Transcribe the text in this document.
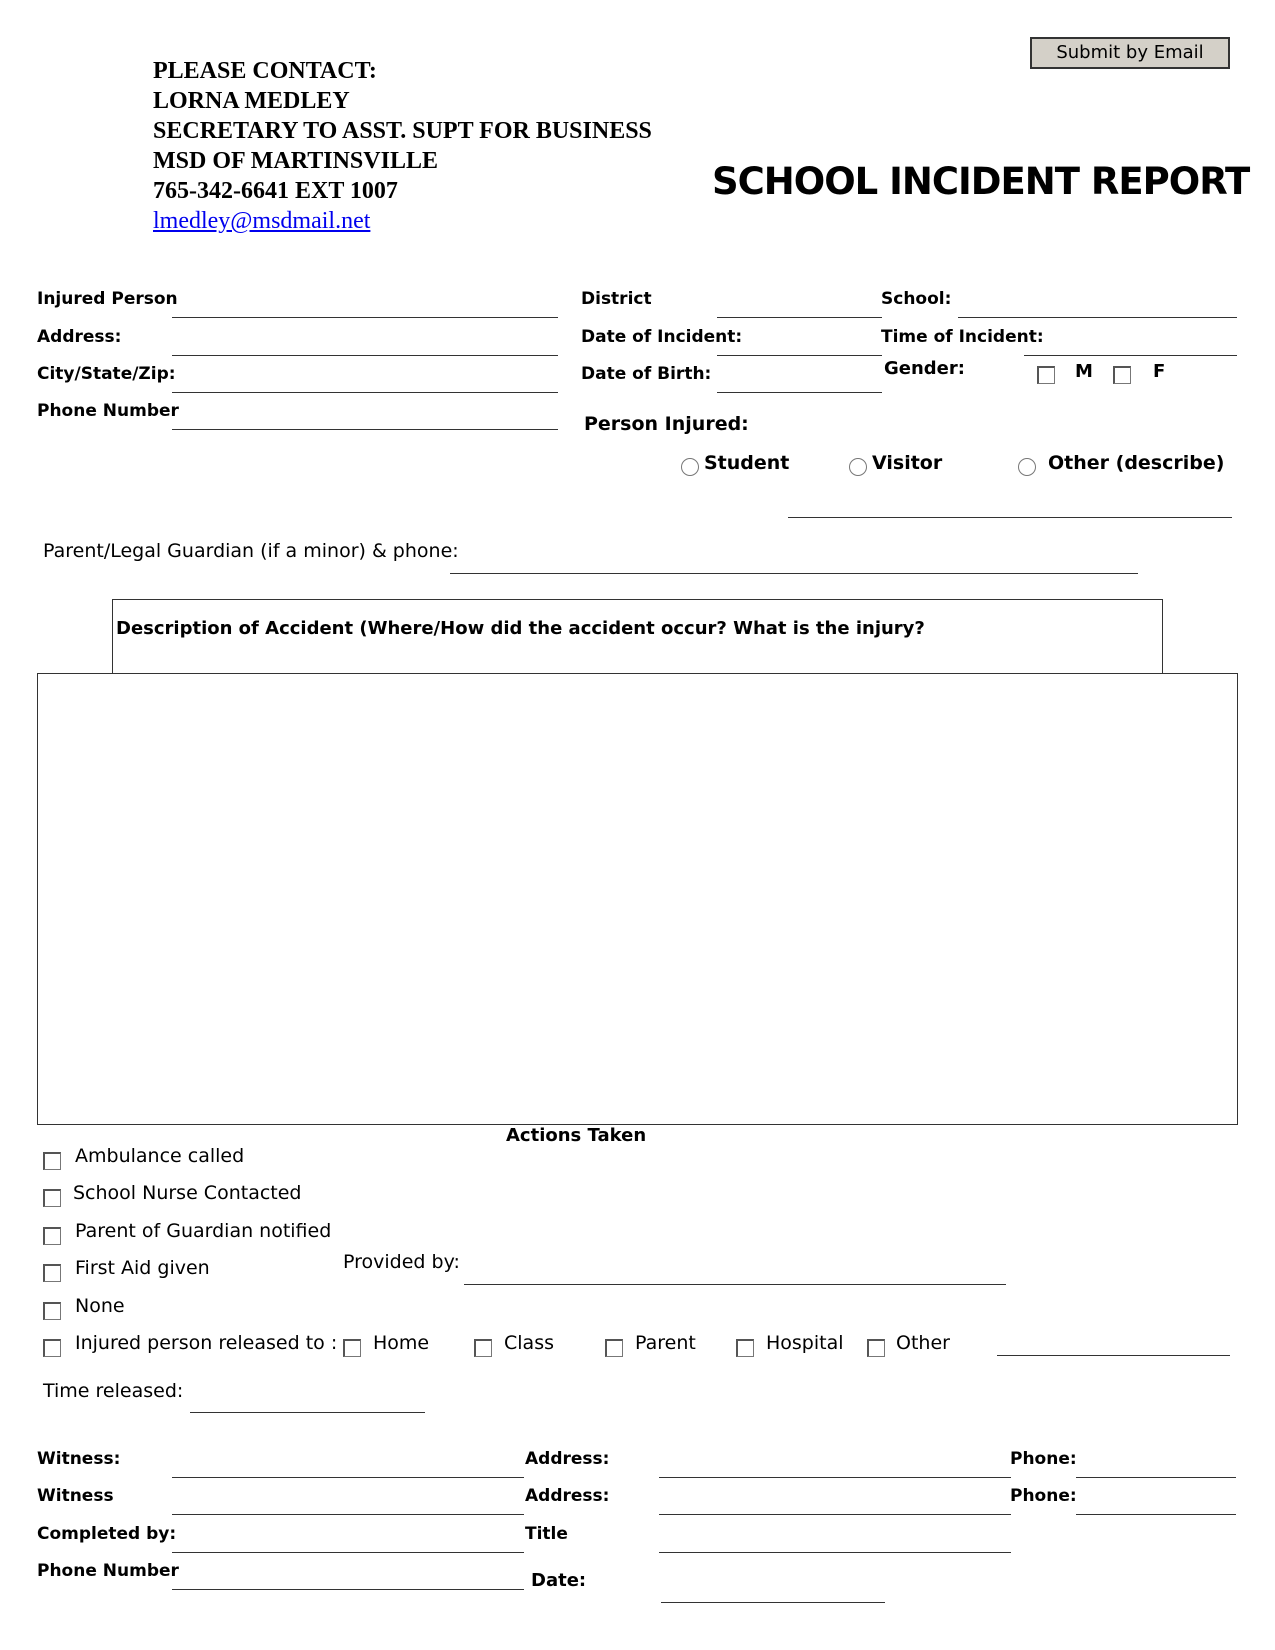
PLEASE CONTACT:
LORNA MEDLEY
SECRETARY TO ASST. SUPT FOR BUSINESS
MSD OF MARTINSVILLE
765-342-6641 EXT 1007
lmedley@msdmail.net
Submit by Email
SCHOOL INCIDENT REPORT
Injured Person
Address:
City/State/Zip:
Phone Number
District
Date of Incident:
Date of Birth:
School:
Time of Incident:
Gender:	M	F
Person Injured:
Student	Visitor	Other (describe)
Parent/Legal Guardian (if a minor) & phone:
Description of Accident (Where/How did the accident occur? What is the injury?
Actions Taken
Ambulance called
School Nurse Contacted
Parent of Guardian notified
First Aid given	Provided by:
None
Injured person released to : Home	Class	Parent	Hospital	Other
Time released:
Witness:	Address:	Phone:
Witness	Address:	Phone:
Completed by:	Title
Phone Number	Date:
